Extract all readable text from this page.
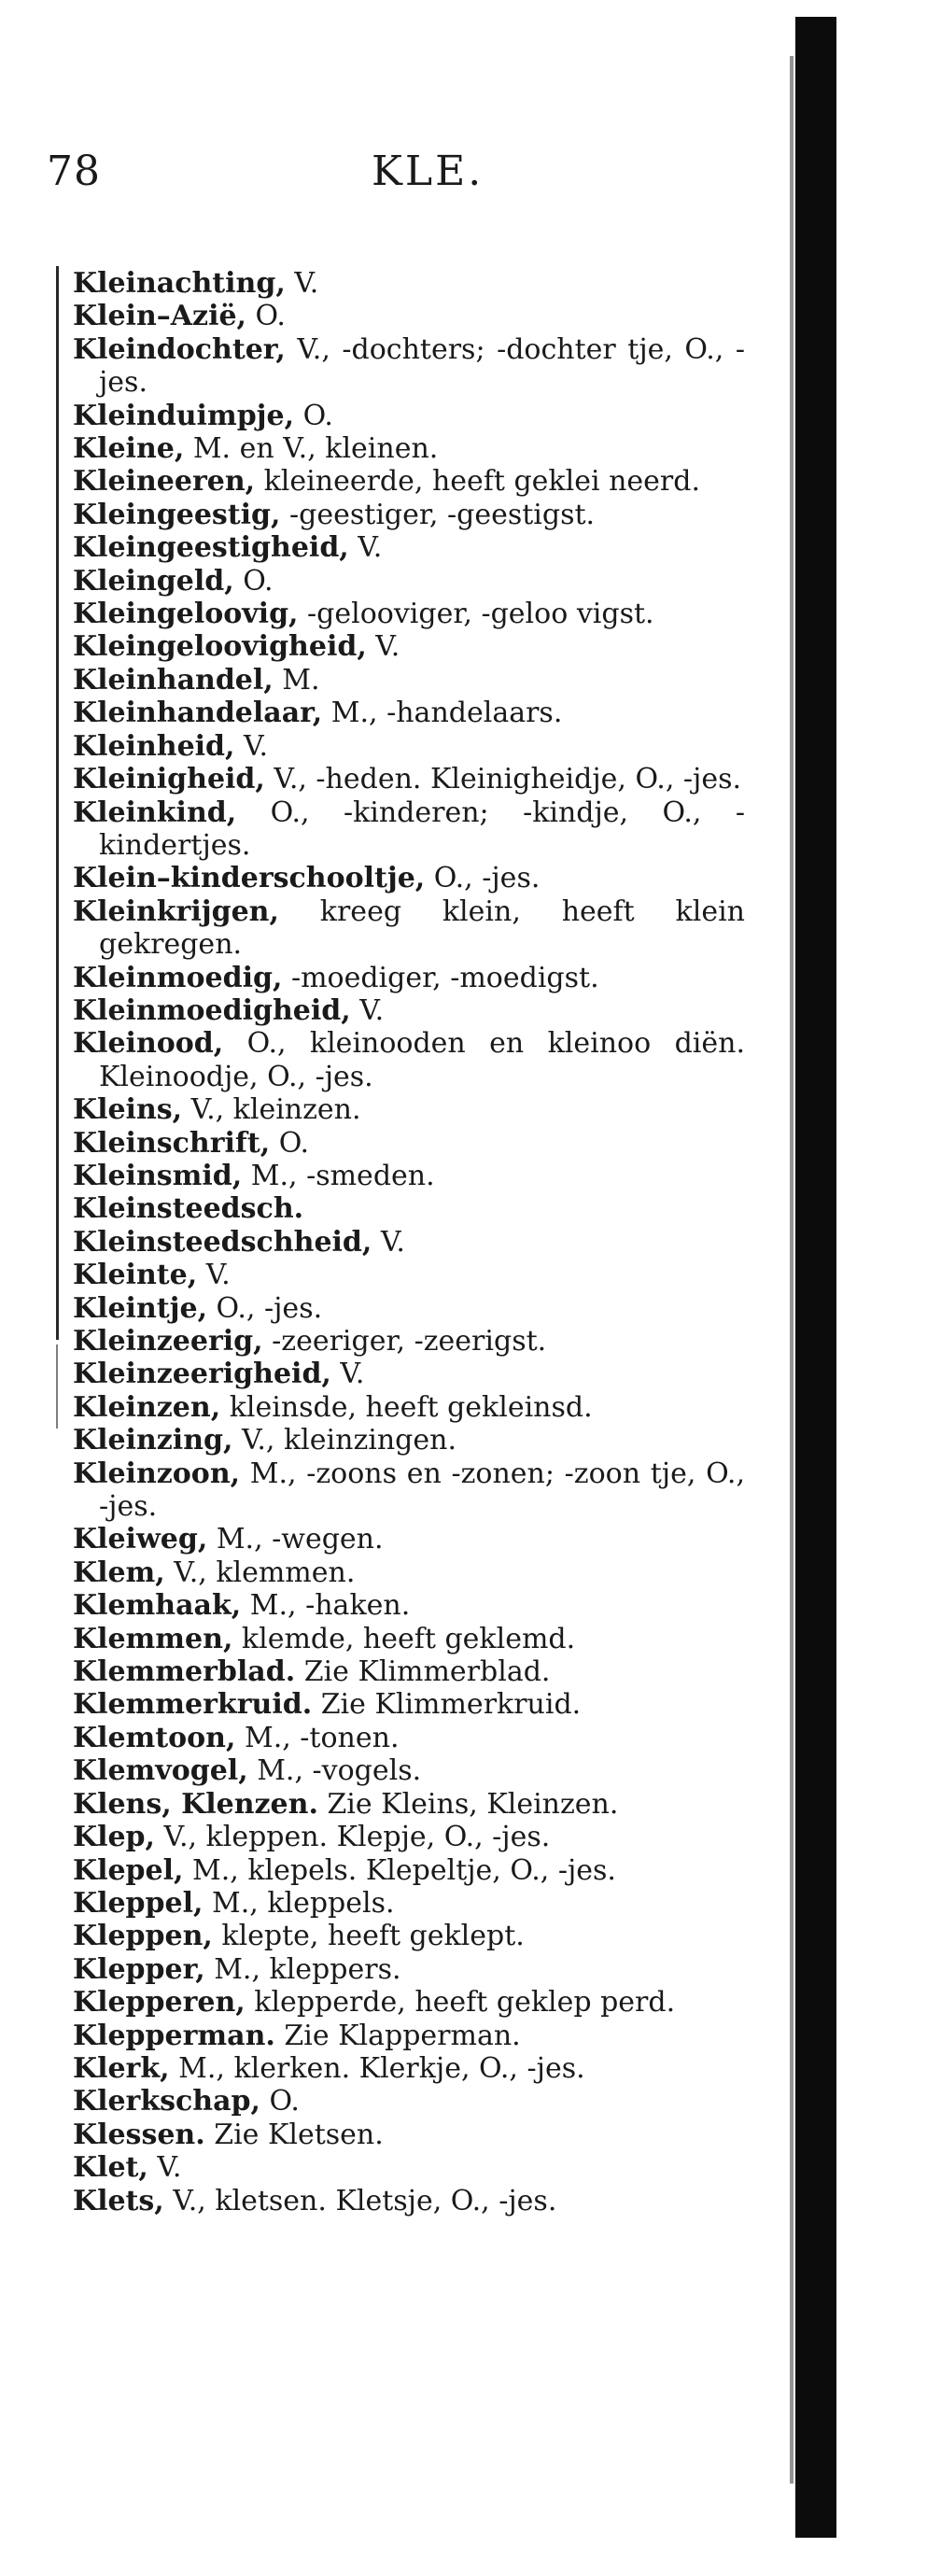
78	KLE.
Kleinachting, V.
Klein–Azië, O.
Kleindochter, V., -dochters; -dochter tje, O., -jes.
Kleinduimpje, O.
Kleine, M. en V., kleinen.
Kleineeren, kleineerde, heeft geklei neerd.
Kleingeestig, -geestiger, -geestigst.
Kleingeestigheid, V.
Kleingeld, O.
Kleingeloovig, -gelooviger, -geloo vigst.
Kleingeloovigheid, V.
Kleinhandel, M.
Kleinhandelaar, M., -handelaars.
Kleinheid, V.
Kleinigheid, V., -heden. Kleinigheidje, O., -jes.
Kleinkind, O., -kinderen; -kindje, O., -kindertjes.
Klein–kinderschooltje, O., -jes.
Kleinkrijgen, kreeg klein, heeft klein gekregen.
Kleinmoedig, -moediger, -moedigst.
Kleinmoedigheid, V.
Kleinood, O., kleinooden en kleinoo diën. Kleinoodje, O., -jes.
Kleins, V., kleinzen.
Kleinschrift, O.
Kleinsmid, M., -smeden.
Kleinsteedsch.
Kleinsteedschheid, V.
Kleinte, V.
Kleintje, O., -jes.
Kleinzeerig, -zeeriger, -zeerigst.
Kleinzeerigheid, V.
Kleinzen, kleinsde, heeft gekleinsd.
Kleinzing, V., kleinzingen.
Kleinzoon, M., -zoons en -zonen; -zoon tje, O., -jes.
Kleiweg, M., -wegen.
Klem, V., klemmen.
Klemhaak, M., -haken.
Klemmen, klemde, heeft geklemd.
Klemmerblad. Zie Klimmerblad.
Klemmerkruid. Zie Klimmerkruid.
Klemtoon, M., -tonen.
Klemvogel, M., -vogels.
Klens, Klenzen. Zie Kleins, Kleinzen.
Klep, V., kleppen. Klepje, O., -jes.
Klepel, M., klepels. Klepeltje, O., -jes.
Kleppel, M., kleppels.
Kleppen, klepte, heeft geklept.
Klepper, M., kleppers.
Klepperen, klepperde, heeft geklep perd.
Klepperman. Zie Klapperman.
Klerk, M., klerken. Klerkje, O., -jes.
Klerkschap, O.
Klessen. Zie Kletsen.
Klet, V.
Klets, V., kletsen. Kletsje, O., -jes.
